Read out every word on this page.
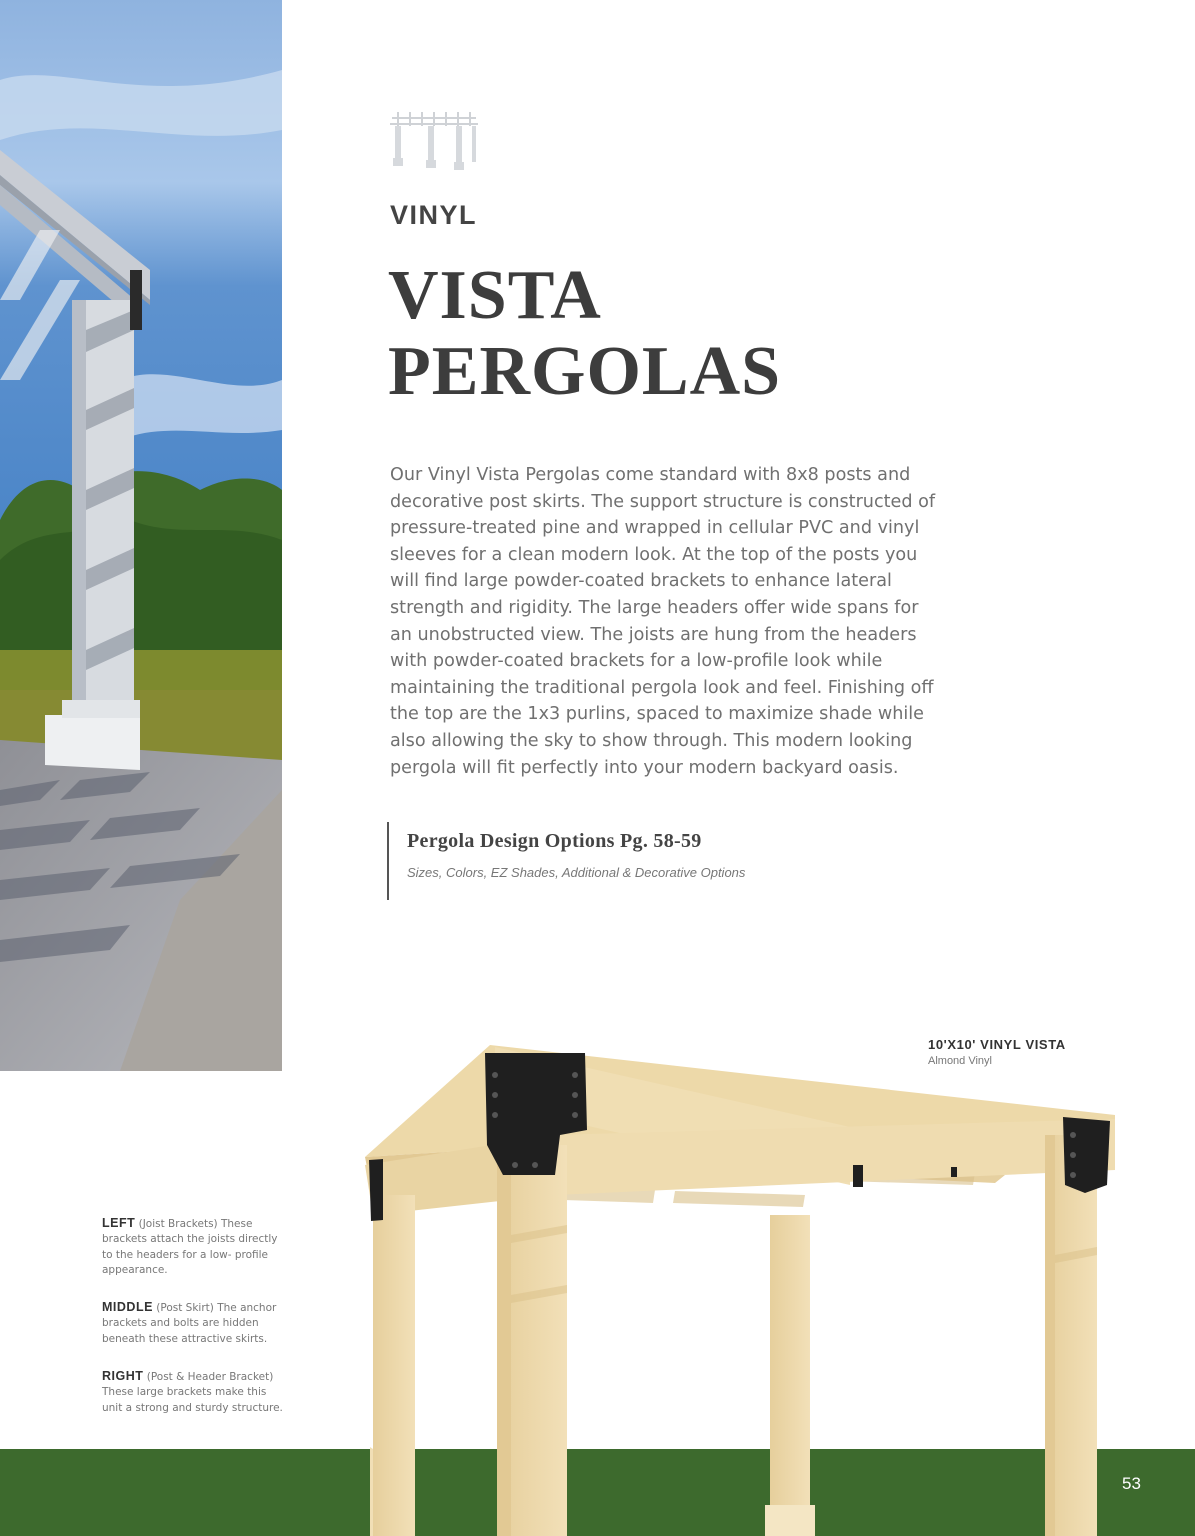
VINYL
VISTA
PERGOLAS

Our Vinyl Vista Pergolas come standard with 8x8 posts and decorative post skirts. The support structure is constructed of pressure-treated pine and wrapped in cellular PVC and vinyl sleeves for a clean modern look. At the top of the posts you will find large powder-coated brackets to enhance lateral strength and rigidity. The large headers offer wide spans for an unobstructed view. The joists are hung from the headers with powder-coated brackets for a low-profile look while maintaining the traditional pergola look and feel. Finishing off the top are the 1x3 purlins, spaced to maximize shade while also allowing the sky to show through. This modern looking pergola will fit perfectly into your modern backyard oasis.

Pergola Design Options Pg. 58-59
Sizes, Colors, EZ Shades, Additional & Decorative Options
10'X10' VINYL VISTA
Almond Vinyl
LEFT (Joist Brackets) These brackets attach the joists directly to the headers for a low- profile appearance.
MIDDLE (Post Skirt) The anchor brackets and bolts are hidden beneath these attractive skirts.
RIGHT (Post & Header Bracket) These large brackets make this unit a strong and sturdy structure.
53
